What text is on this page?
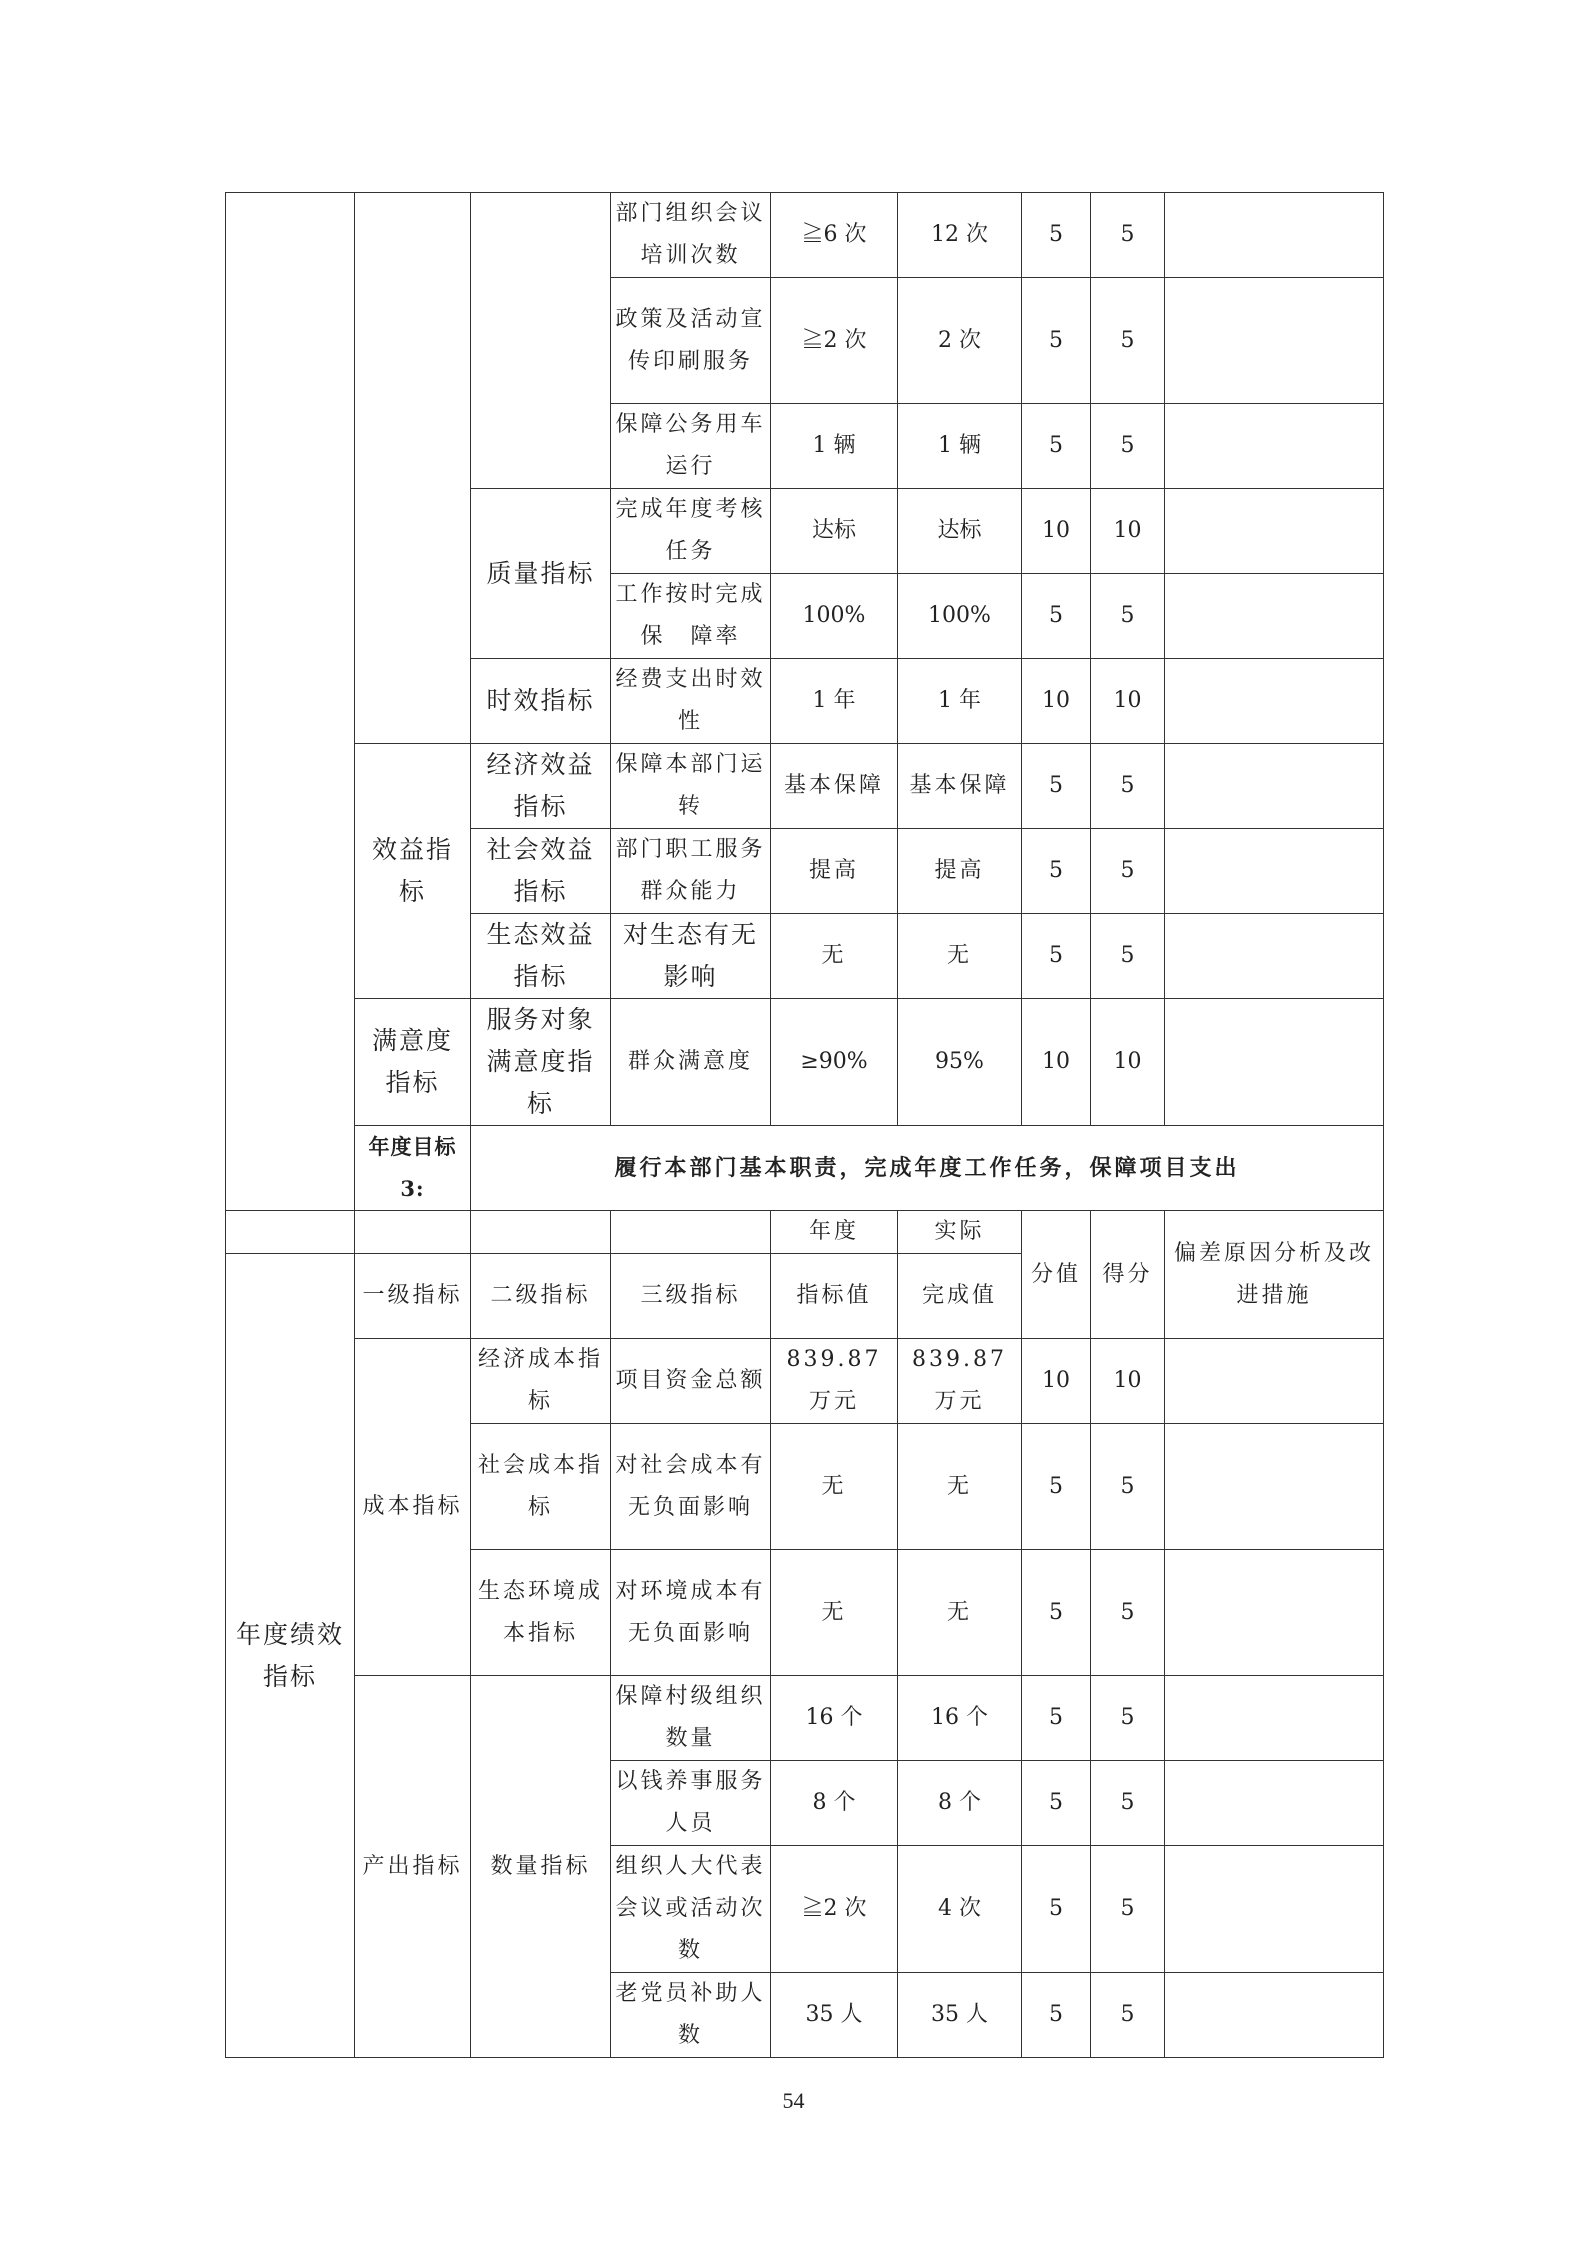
			部门组织会议培训次数	≧6 次	12 次	5	5	
			政策及活动宣传印刷服务	≧2 次	2 次	5	5	
			保障公务用车运行	1 辆	1 辆	5	5	
		质量指标	完成年度考核任务	达标	达标	10	10	
			工作按时完成保　障率	100%	100%	5	5	
		时效指标	经费支出时效性	1 年	1 年	10	10	
	效益指标	经济效益指标	保障本部门运转	基本保障	基本保障	5	5	
		社会效益指标	部门职工服务群众能力	提高	提高	5	5	
		生态效益指标	对生态有无影响	无	无	5	5	
	满意度指标	服务对象满意度指标	群众满意度	≥90%	95%	10	10	
	年度目标 3:	履行本部门基本职责，完成年度工作任务，保障项目支出						
				年度	实际	分值	得分	偏差原因分析及改进措施
年度绩效指标	一级指标	二级指标	三级指标	指标值	完成值			
	成本指标	经济成本指标	项目资金总额	839.87 万元	839.87 万元	10	10	
		社会成本指标	对社会成本有无负面影响	无	无	5	5	
		生态环境成本指标	对环境成本有无负面影响	无	无	5	5	
	产出指标	数量指标	保障村级组织数量	16 个	16 个	5	5	
			以钱养事服务人员	8 个	8 个	5	5	
			组织人大代表会议或活动次数	≧2 次	4 次	5	5	
			老党员补助人数	35 人	35 人	5	5	
54
